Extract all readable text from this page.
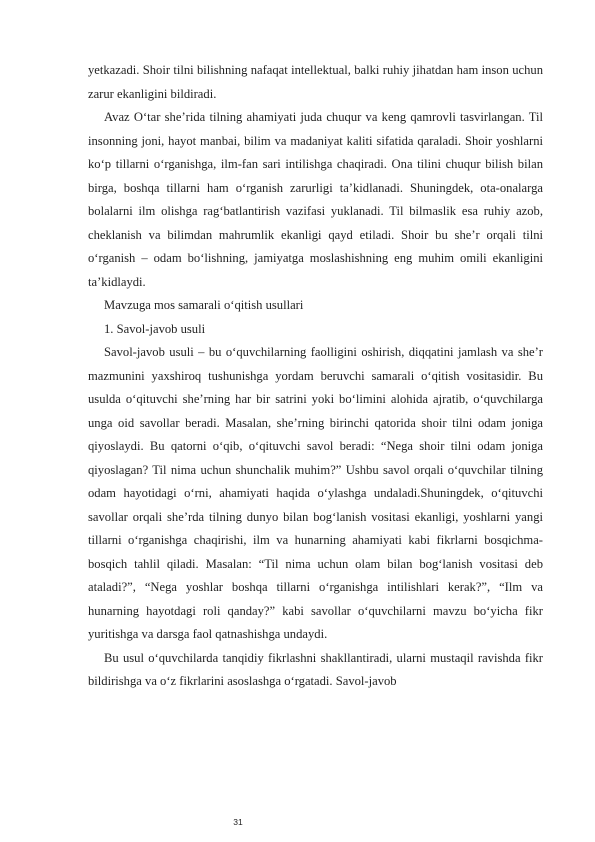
yetkazadi. Shoir tilni bilishning nafaqat intellektual, balki ruhiy jihatdan ham inson uchun zarur ekanligini bildiradi.

Avaz O‘tar she’rida tilning ahamiyati juda chuqur va keng qamrovli tasvirlangan. Til insonning joni, hayot manbai, bilim va madaniyat kaliti sifatida qaraladi. Shoir yoshlarni ko‘p tillarni o‘rganishga, ilm-fan sari intilishga chaqiradi. Ona tilini chuqur bilish bilan birga, boshqa tillarni ham o‘rganish zarurligi ta’kidlanadi. Shuningdek, ota-onalarga bolalarni ilm olishga rag‘batlantirish vazifasi yuklanadi. Til bilmaslik esa ruhiy azob, cheklanish va bilimdan mahrumlik ekanligi qayd etiladi. Shoir bu she’r orqali tilni o‘rganish – odam bo‘lishning, jamiyatga moslashishning eng muhim omili ekanligini ta’kidlaydi.

Mavzuga mos samarali o‘qitish usullari

1. Savol-javob usuli

Savol-javob usuli – bu o‘quvchilarning faolligini oshirish, diqqatini jamlash va she’r mazmunini yaxshiroq tushunishga yordam beruvchi samarali o‘qitish vositasidir. Bu usulda o‘qituvchi she’rning har bir satrini yoki bo‘limini alohida ajratib, o‘quvchilarga unga oid savollar beradi. Masalan, she’rning birinchi qatorida shoir tilni odam joniga qiyoslaydi. Bu qatorni o‘qib, o‘qituvchi savol beradi: “Nega shoir tilni odam joniga qiyoslagan? Til nima uchun shunchalik muhim?” Ushbu savol orqali o‘quvchilar tilning odam hayotidagi o‘rni, ahamiyati haqida o‘ylashga undaladi.Shuningdek, o‘qituvchi savollar orqali she’rda tilning dunyo bilan bog‘lanish vositasi ekanligi, yoshlarni yangi tillarni o‘rganishga chaqirishi, ilm va hunarning ahamiyati kabi fikrlarni bosqichma-bosqich tahlil qiladi. Masalan: “Til nima uchun olam bilan bog‘lanish vositasi deb ataladi?”, “Nega yoshlar boshqa tillarni o‘rganishga intilishlari kerak?”, “Ilm va hunarning hayotdagi roli qanday?” kabi savollar o‘quvchilarni mavzu bo‘yicha fikr yuritishga va darsga faol qatnashishga undaydi.

Bu usul o‘quvchilarda tanqidiy fikrlashni shakllantiradi, ularni mustaqil ravishda fikr bildirishga va o‘z fikrlarini asoslashga o‘rgatadi. Savol-javob

31
